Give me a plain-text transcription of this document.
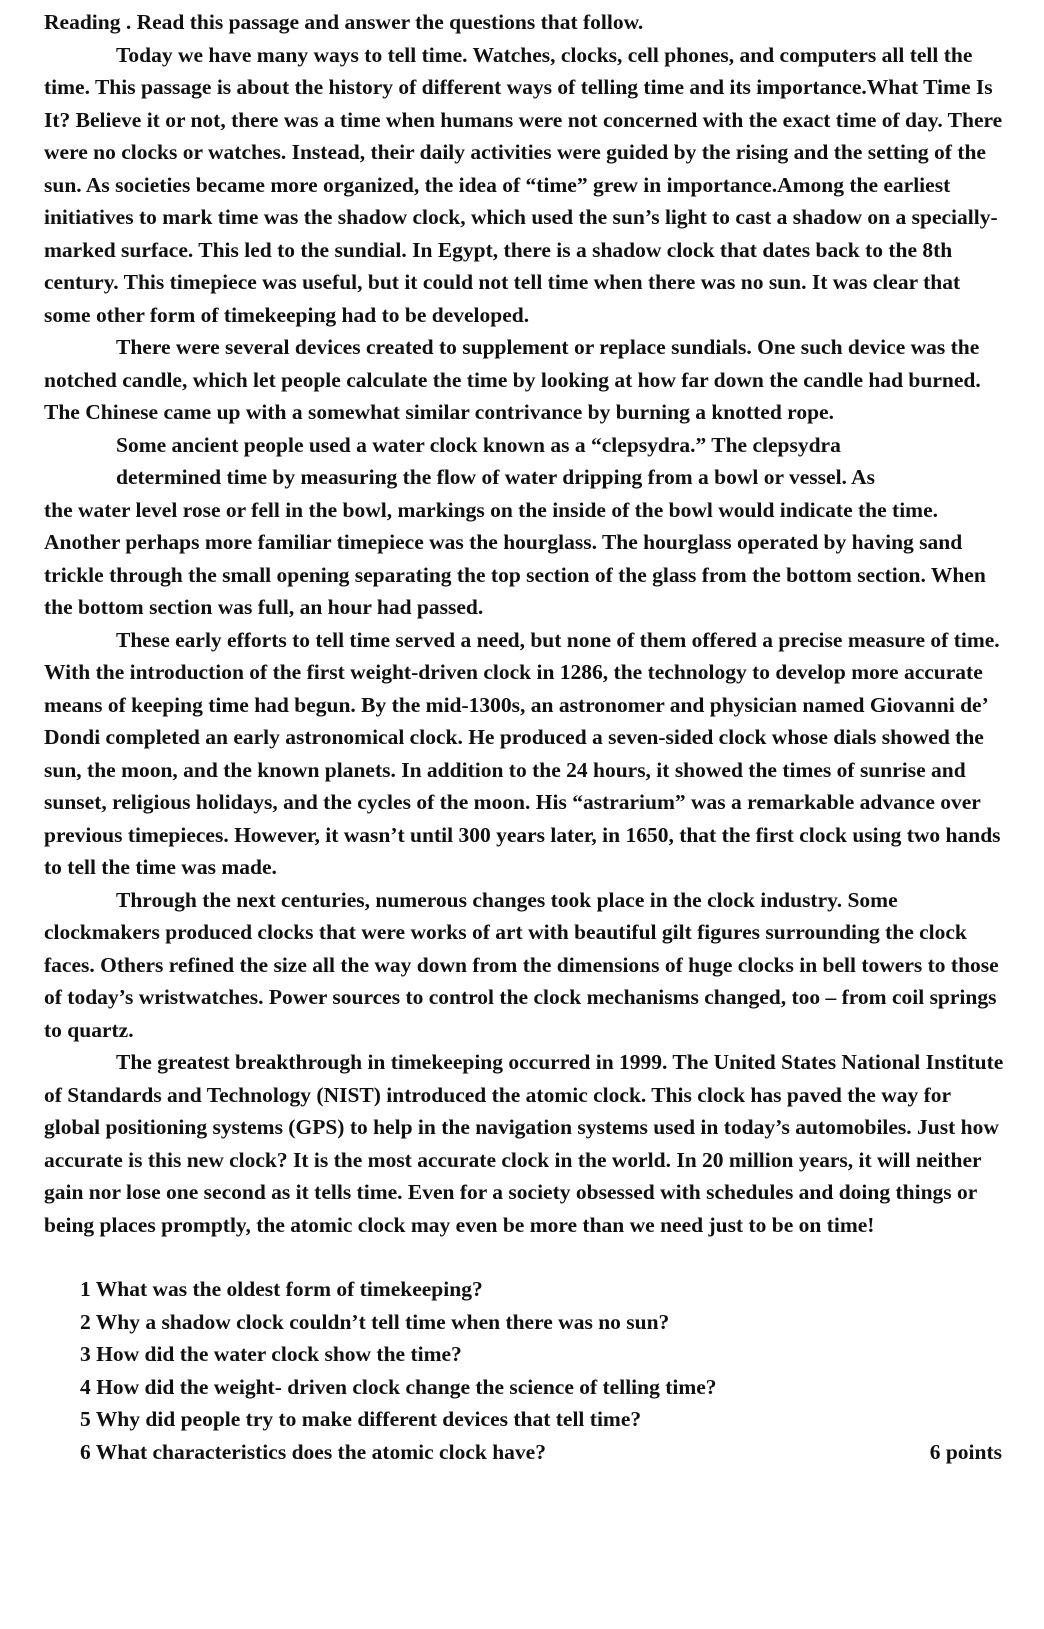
Reading . Read this passage and answer the questions that follow.

Today we have many ways to tell time. Watches, clocks, cell phones, and computers all tell the time. This passage is about the history of different ways of telling time and its importance.What Time Is It? Believe it or not, there was a time when humans were not concerned with the exact time of day. There were no clocks or watches. Instead, their daily activities were guided by the rising and the setting of the sun. As societies became more organized, the idea of “time” grew in importance.Among the earliest initiatives to mark time was the shadow clock, which used the sun’s light to cast a shadow on a specially-marked surface. This led to the sundial. In Egypt, there is a shadow clock that dates back to the 8th century. This timepiece was useful, but it could not tell time when there was no sun. It was clear that some other form of timekeeping had to be developed.

There were several devices created to supplement or replace sundials. One such device was the notched candle, which let people calculate the time by looking at how far down the candle had burned. The Chinese came up with a somewhat similar contrivance by burning a knotted rope.

Some ancient people used a water clock known as a “clepsydra.” The clepsydra
determined time by measuring the flow of water dripping from a bowl or vessel. As
the water level rose or fell in the bowl, markings on the inside of the bowl would indicate the time. Another perhaps more familiar timepiece was the hourglass. The hourglass operated by having sand trickle through the small opening separating the top section of the glass from the bottom section. When the bottom section was full, an hour had passed.

These early efforts to tell time served a need, but none of them offered a precise measure of time. With the introduction of the first weight-driven clock in 1286, the technology to develop more accurate means of keeping time had begun. By the mid-1300s, an astronomer and physician named Giovanni de’ Dondi completed an early astronomical clock. He produced a seven-sided clock whose dials showed the sun, the moon, and the known planets. In addition to the 24 hours, it showed the times of sunrise and sunset, religious holidays, and the cycles of the moon. His “astrarium” was a remarkable advance over previous timepieces. However, it wasn’t until 300 years later, in 1650, that the first clock using two hands to tell the time was made.

Through the next centuries, numerous changes took place in the clock industry. Some clockmakers produced clocks that were works of art with beautiful gilt figures surrounding the clock faces. Others refined the size all the way down from the dimensions of huge clocks in bell towers to those of today’s wristwatches. Power sources to control the clock mechanisms changed, too – from coil springs to quartz.

The greatest breakthrough in timekeeping occurred in 1999. The United States National Institute of Standards and Technology (NIST) introduced the atomic clock. This clock has paved the way for global positioning systems (GPS) to help in the navigation systems used in today’s automobiles. Just how accurate is this new clock? It is the most accurate clock in the world. In 20 million years, it will neither gain nor lose one second as it tells time. Even for a society obsessed with schedules and doing things or being places promptly, the atomic clock may even be more than we need just to be on time!

1 What was the oldest form of timekeeping?
2 Why a shadow clock couldn’t tell time when there was no sun?
3 How did the water clock show the time?
4 How did the weight- driven clock change the science of telling time?
5 Why did people try to make different devices that tell time?
6 What characteristics does the atomic clock have?	6 points
